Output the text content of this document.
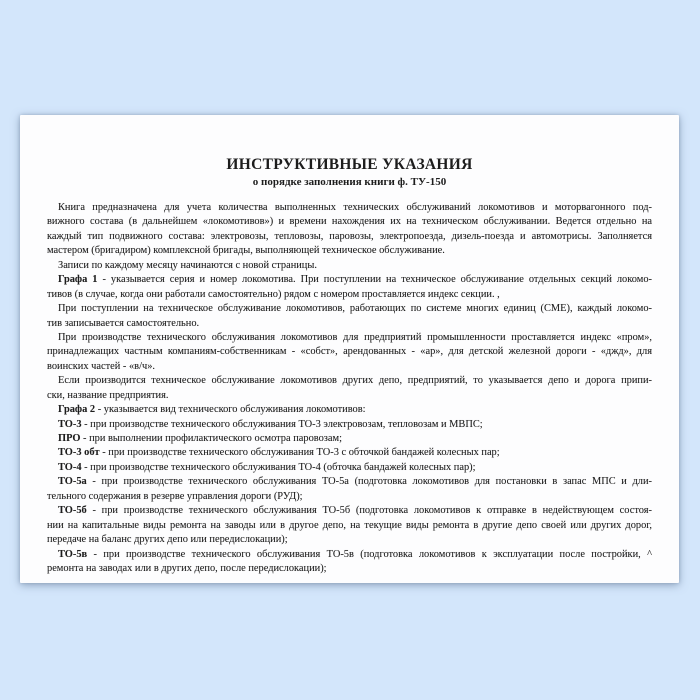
ИНСТРУКТИВНЫЕ УКАЗАНИЯ
о порядке заполнения книги ф. ТУ-150
Книга предназначена для учета количества выполненных технических обслуживаний локомотивов и моторвагонного под-
вижного состава (в дальнейшем «локомотивов») и времени нахождения их на техническом обслуживании. Ведется отдельно на
каждый тип подвижного состава: электровозы, тепловозы, паровозы, электропоезда, дизель-поезда и автомотрисы. Заполняется
мастером (бригадиром) комплексной бригады, выполняющей техническое обслуживание.
Записи по каждому месяцу начинаются с новой страницы.
Графа 1 - указывается серия и номер локомотива. При поступлении на техническое обслуживание отдельных секций локомо-
тивов (в случае, когда они работали самостоятельно) рядом с номером проставляется индекс секции. ,
При поступлении на техническое обслуживание локомотивов, работающих по системе многих единиц (СМЕ), каждый локомо-
тив записывается самостоятельно.
При производстве технического обслуживания локомотивов для предприятий промышленности проставляется индекс «пром»,
принадлежащих частным компаниям-собственникам - «собст», арендованных - «ар», для детской железной дороги - «джд», для
воинских частей - «в/ч».
Если производится техническое обслуживание локомотивов других депо, предприятий, то указывается депо и дорога припи-
ски, название предприятия.
Графа 2 - указывается вид технического обслуживания локомотивов:
ТО-3 - при производстве технического обслуживания ТО-3 электровозам, тепловозам и МВПС;
ПРО - при выполнении профилактического осмотра паровозам;
ТО-3 обт - при производстве технического обслуживания ТО-3 с обточкой бандажей колесных пар;
ТО-4 - при производстве технического обслуживания ТО-4 (обточка бандажей колесных пар);
ТО-5а - при производстве технического обслуживания ТО-5а (подготовка локомотивов для постановки в запас МПС и дли-
тельного содержания в резерве управления дороги (РУД);
ТО-5б - при производстве технического обслуживания ТО-5б (подготовка локомотивов к отправке в недействующем состоя-
нии на капитальные виды ремонта на заводы или в другое депо, на текущие виды ремонта в другие депо своей или других дорог,
передаче на баланс других депо или передислокации);
ТО-5в - при производстве технического обслуживания ТО-5в (подготовка локомотивов к эксплуатации после постройки, ^
ремонта на заводах или в других депо, после передислокации);
